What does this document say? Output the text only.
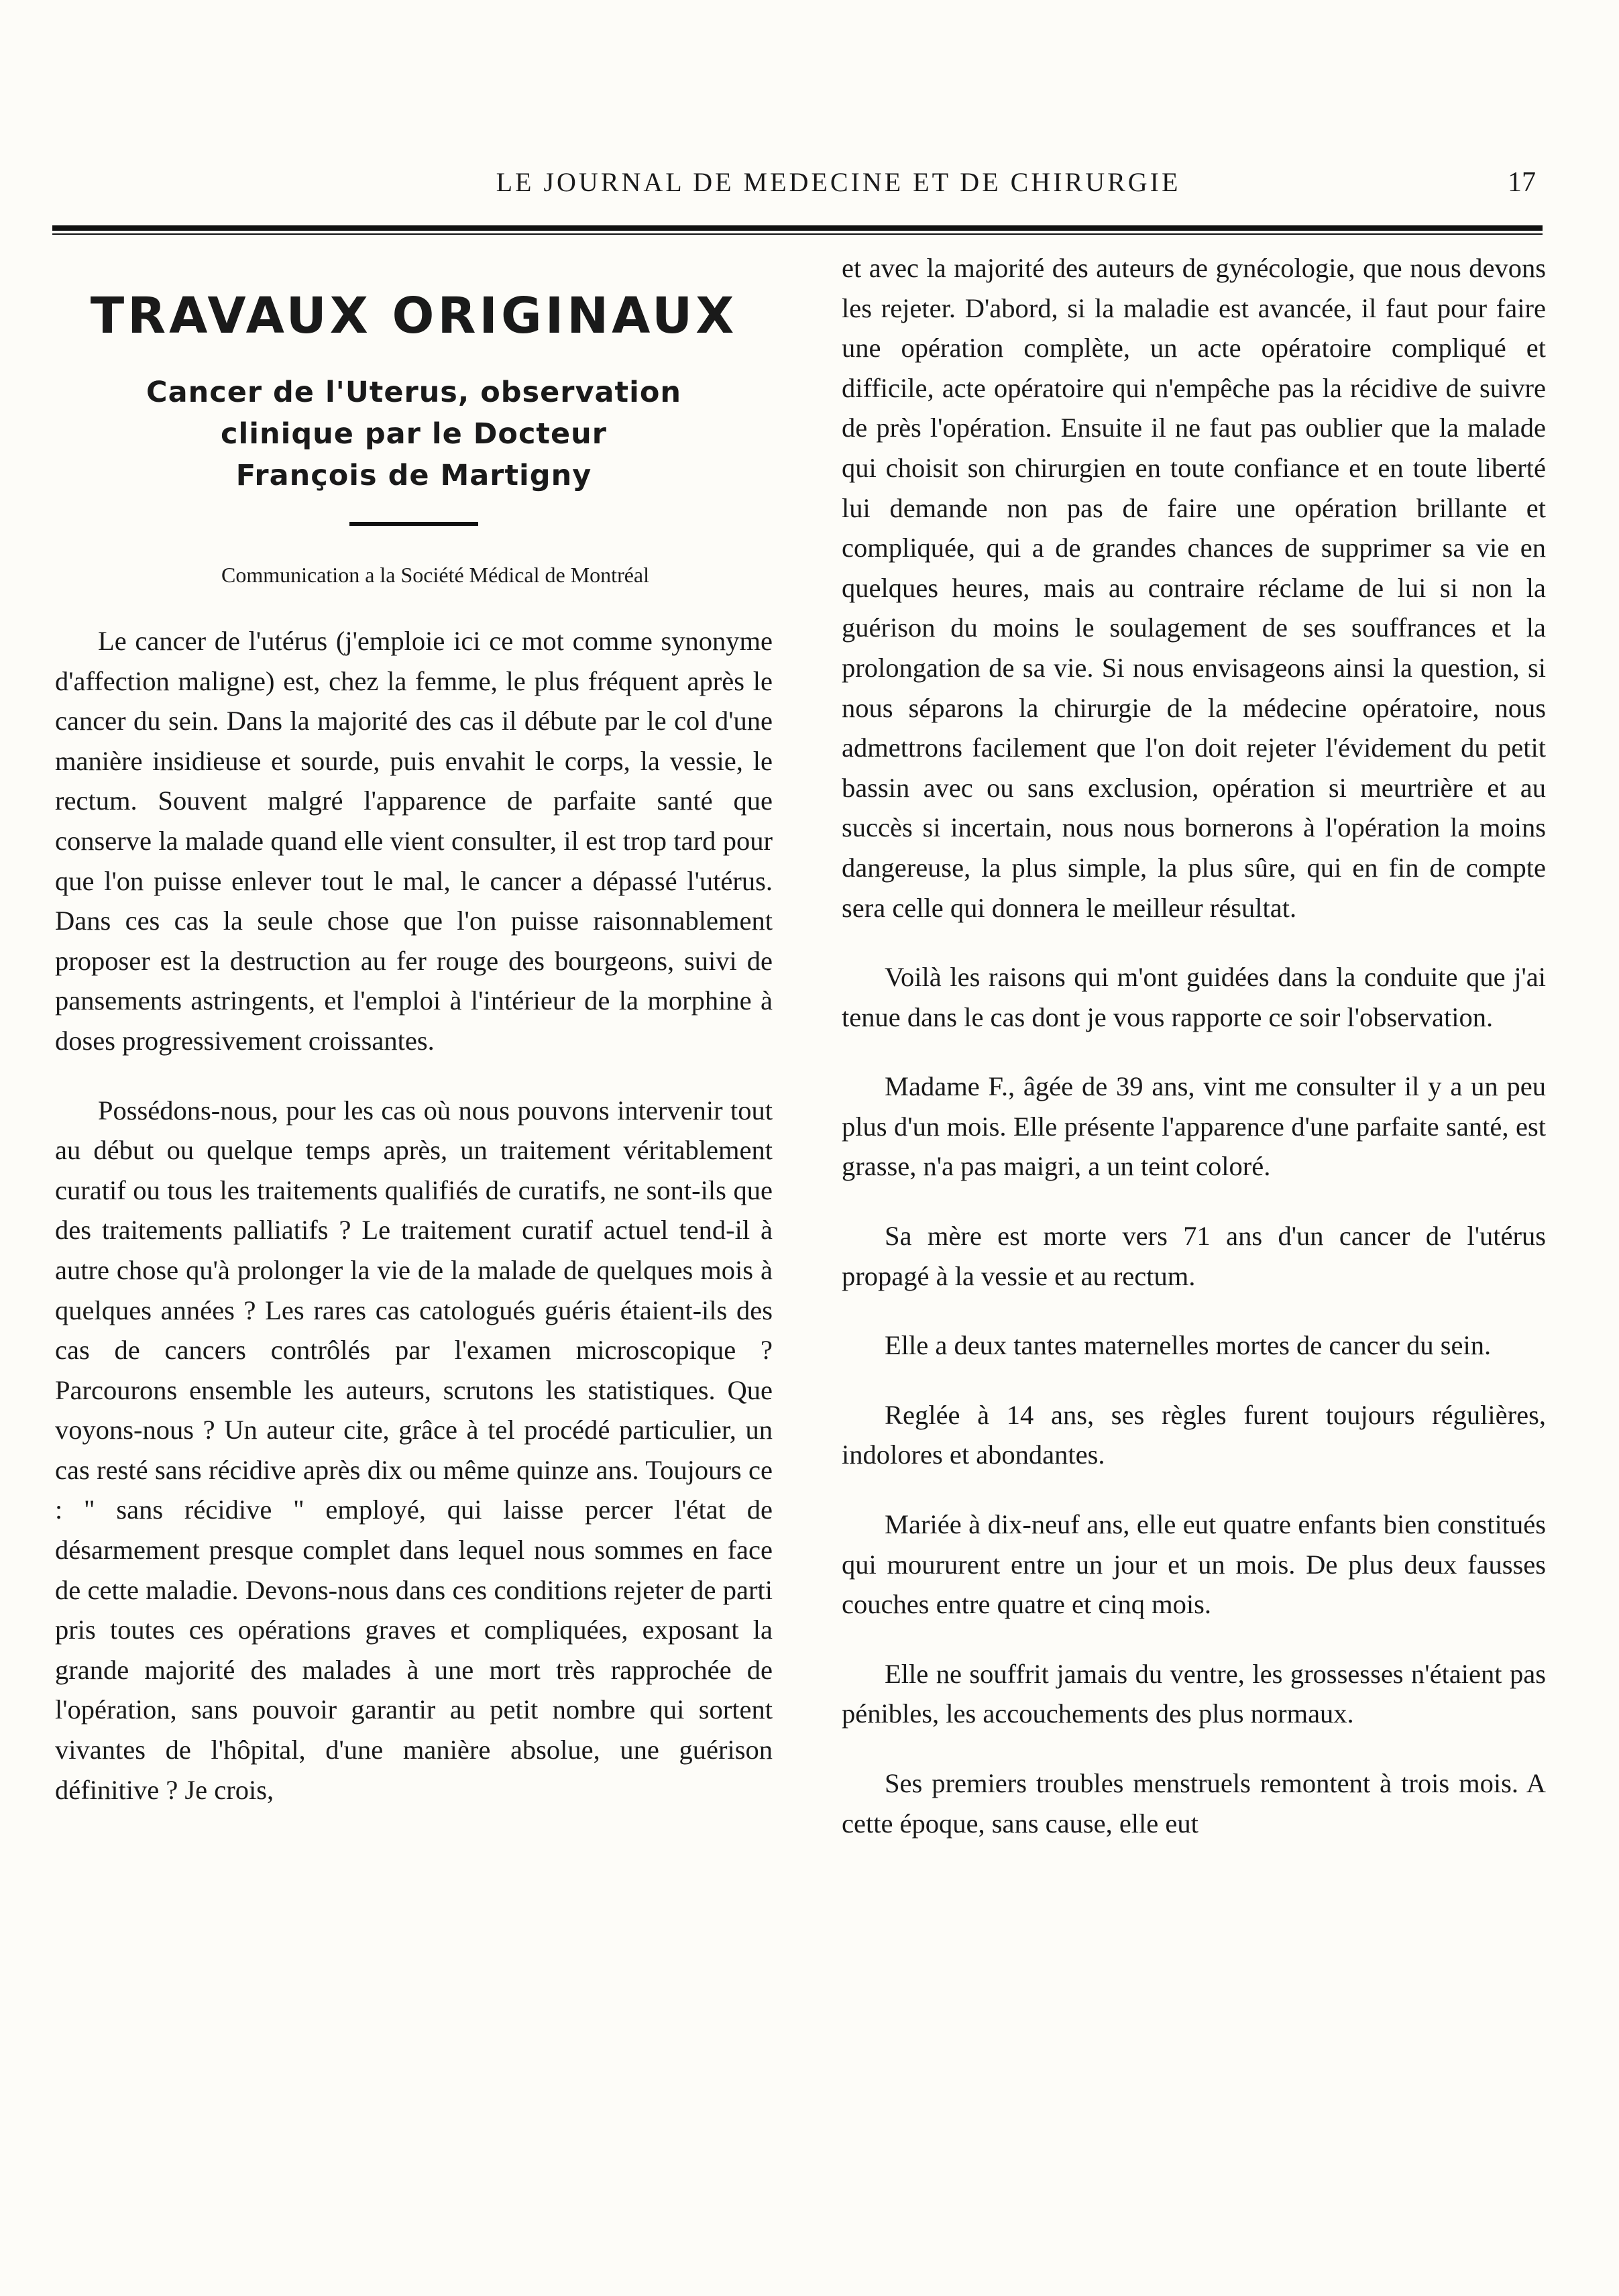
LE JOURNAL DE MEDECINE ET DE CHIRURGIE	17
TRAVAUX ORIGINAUX
Cancer de l'Uterus, observation
clinique par le Docteur
François de Martigny

Communication a la Société Médical de Montréal

Le cancer de l'utérus (j'emploie ici ce mot comme synonyme d'affection maligne) est, chez la femme, le plus fréquent après le cancer du sein. Dans la majorité des cas il débute par le col d'une manière insidieuse et sourde, puis envahit le corps, la vessie, le rectum. Souvent malgré l'apparence de parfaite santé que conserve la malade quand elle vient consulter, il est trop tard pour que l'on puisse enlever tout le mal, le cancer a dépassé l'utérus. Dans ces cas la seule chose que l'on puisse raisonnablement proposer est la destruction au fer rouge des bourgeons, suivi de pansements astringents, et l'emploi à l'intérieur de la morphine à doses progressivement croissantes.

Possédons-nous, pour les cas où nous pouvons intervenir tout au début ou quelque temps après, un traitement véritablement curatif ou tous les traitements qualifiés de curatifs, ne sont-ils que des traitements palliatifs ? Le traitement curatif actuel tend-il à autre chose qu'à prolonger la vie de la malade de quelques mois à quelques années ? Les rares cas catologués guéris étaient-ils des cas de cancers contrôlés par l'examen microscopique ? Parcourons ensemble les auteurs, scrutons les statistiques. Que voyons-nous ? Un auteur cite, grâce à tel procédé particulier, un cas resté sans récidive après dix ou même quinze ans. Toujours ce : " sans récidive " employé, qui laisse percer l'état de désarmement presque complet dans lequel nous sommes en face de cette maladie. Devons-nous dans ces conditions rejeter de parti pris toutes ces opérations graves et compliquées, exposant la grande majorité des malades à une mort très rapprochée de l'opération, sans pouvoir garantir au petit nombre qui sortent vivantes de l'hôpital, d'une manière absolue, une guérison définitive ? Je crois,

et avec la majorité des auteurs de gynécologie, que nous devons les rejeter. D'abord, si la maladie est avancée, il faut pour faire une opération complète, un acte opératoire compliqué et difficile, acte opératoire qui n'empêche pas la récidive de suivre de près l'opération. Ensuite il ne faut pas oublier que la malade qui choisit son chirurgien en toute confiance et en toute liberté lui demande non pas de faire une opération brillante et compliquée, qui a de grandes chances de supprimer sa vie en quelques heures, mais au contraire réclame de lui si non la guérison du moins le soulagement de ses souffrances et la prolongation de sa vie. Si nous envisageons ainsi la question, si nous séparons la chirurgie de la médecine opératoire, nous admettrons facilement que l'on doit rejeter l'évidement du petit bassin avec ou sans exclusion, opération si meurtrière et au succès si incertain, nous nous bornerons à l'opération la moins dangereuse, la plus simple, la plus sûre, qui en fin de compte sera celle qui donnera le meilleur résultat.

Voilà les raisons qui m'ont guidées dans la conduite que j'ai tenue dans le cas dont je vous rapporte ce soir l'observation.

Madame F., âgée de 39 ans, vint me consulter il y a un peu plus d'un mois. Elle présente l'apparence d'une parfaite santé, est grasse, n'a pas maigri, a un teint coloré.

Sa mère est morte vers 71 ans d'un cancer de l'utérus propagé à la vessie et au rectum.

Elle a deux tantes maternelles mortes de cancer du sein.

Reglée à 14 ans, ses règles furent toujours régulières, indolores et abondantes.

Mariée à dix-neuf ans, elle eut quatre enfants bien constitués qui moururent entre un jour et un mois. De plus deux fausses couches entre quatre et cinq mois.

Elle ne souffrit jamais du ventre, les grossesses n'étaient pas pénibles, les accouchements des plus normaux.

Ses premiers troubles menstruels remontent à trois mois. A cette époque, sans cause, elle eut
